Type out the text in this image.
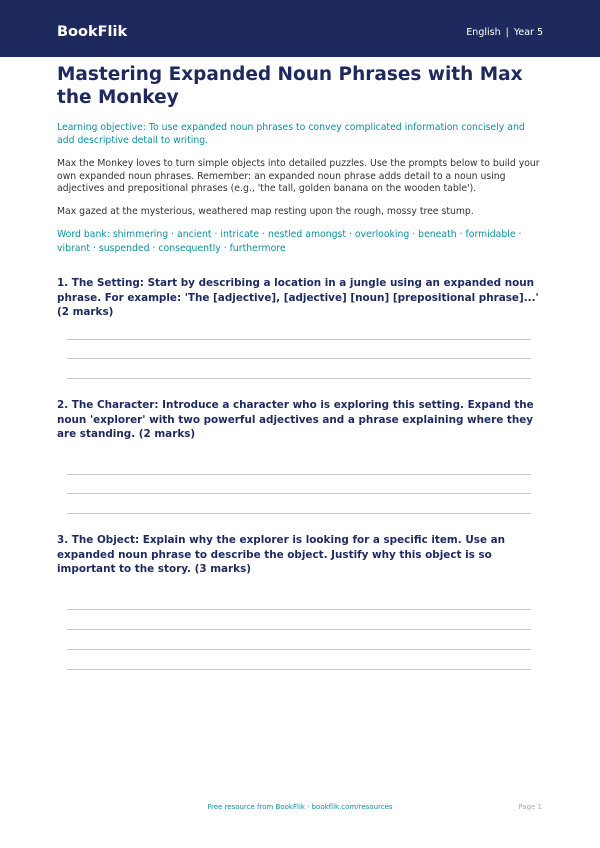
BookFlik	English | Year 5
Mastering Expanded Noun Phrases with Max the Monkey

Learning objective: To use expanded noun phrases to convey complicated information concisely and add descriptive detail to writing.

Max the Monkey loves to turn simple objects into detailed puzzles. Use the prompts below to build your own expanded noun phrases. Remember: an expanded noun phrase adds detail to a noun using adjectives and prepositional phrases (e.g., 'the tall, golden banana on the wooden table').

Max gazed at the mysterious, weathered map resting upon the rough, mossy tree stump.

Word bank: shimmering · ancient · intricate · nestled amongst · overlooking · beneath · formidable · vibrant · suspended · consequently · furthermore

1. The Setting: Start by describing a location in a jungle using an expanded noun phrase. For example: 'The [adjective], [adjective] [noun] [prepositional phrase]...' (2 marks)

2. The Character: Introduce a character who is exploring this setting. Expand the noun 'explorer' with two powerful adjectives and a phrase explaining where they are standing. (2 marks)

3. The Object: Explain why the explorer is looking for a specific item. Use an expanded noun phrase to describe the object. Justify why this object is so important to the story. (3 marks)

Free resource from BookFlik · bookflik.com/resources	Page 1
